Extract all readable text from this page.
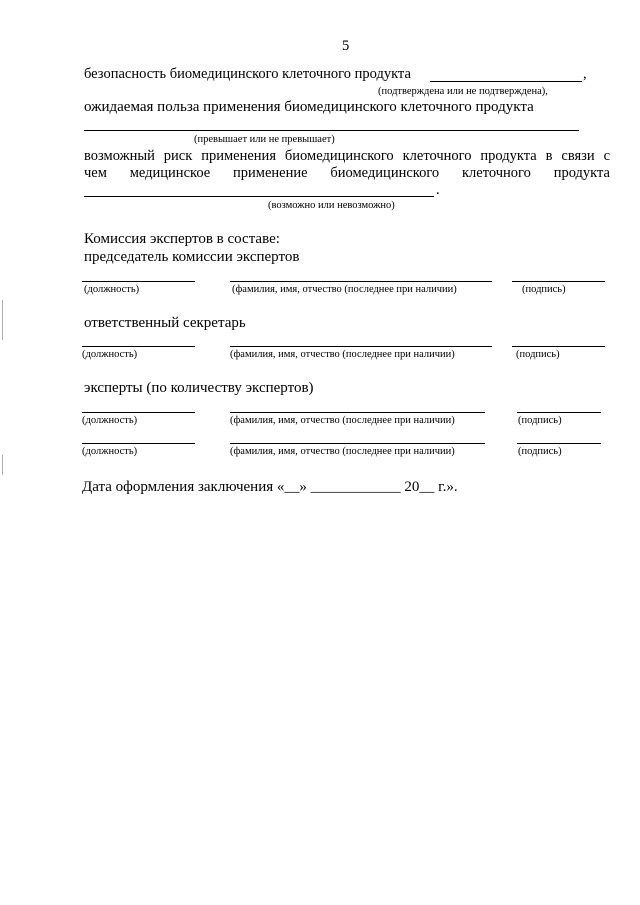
5
безопасность биомедицинского клеточного продукта	,
(подтверждена или не подтверждена),
ожидаемая польза применения биомедицинского клеточного продукта
(превышает или не превышает)
возможный риск применения биомедицинского клеточного продукта в связи с
чем медицинское применение биомедицинского клеточного продукта
.
(возможно или невозможно)
Комиссия экспертов в составе:
председатель комиссии экспертов
(должность)	(фамилия, имя, отчество (последнее при наличии)	(подпись)
ответственный секретарь
(должность)	(фамилия, имя, отчество (последнее при наличии)	(подпись)
эксперты (по количеству экспертов)
(должность)	(фамилия, имя, отчество (последнее при наличии)	(подпись)
(должность)	(фамилия, имя, отчество (последнее при наличии)	(подпись)
Дата оформления заключения «__» ____________ 20__ г.».
